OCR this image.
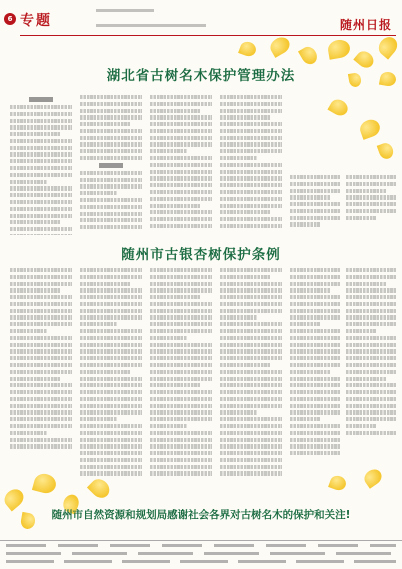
6 专题	随州日报
湖北省古树名木保护管理办法
随州市古银杏树保护条例
随州市自然资源和规划局感谢社会各界对古树名木的保护和关注!
